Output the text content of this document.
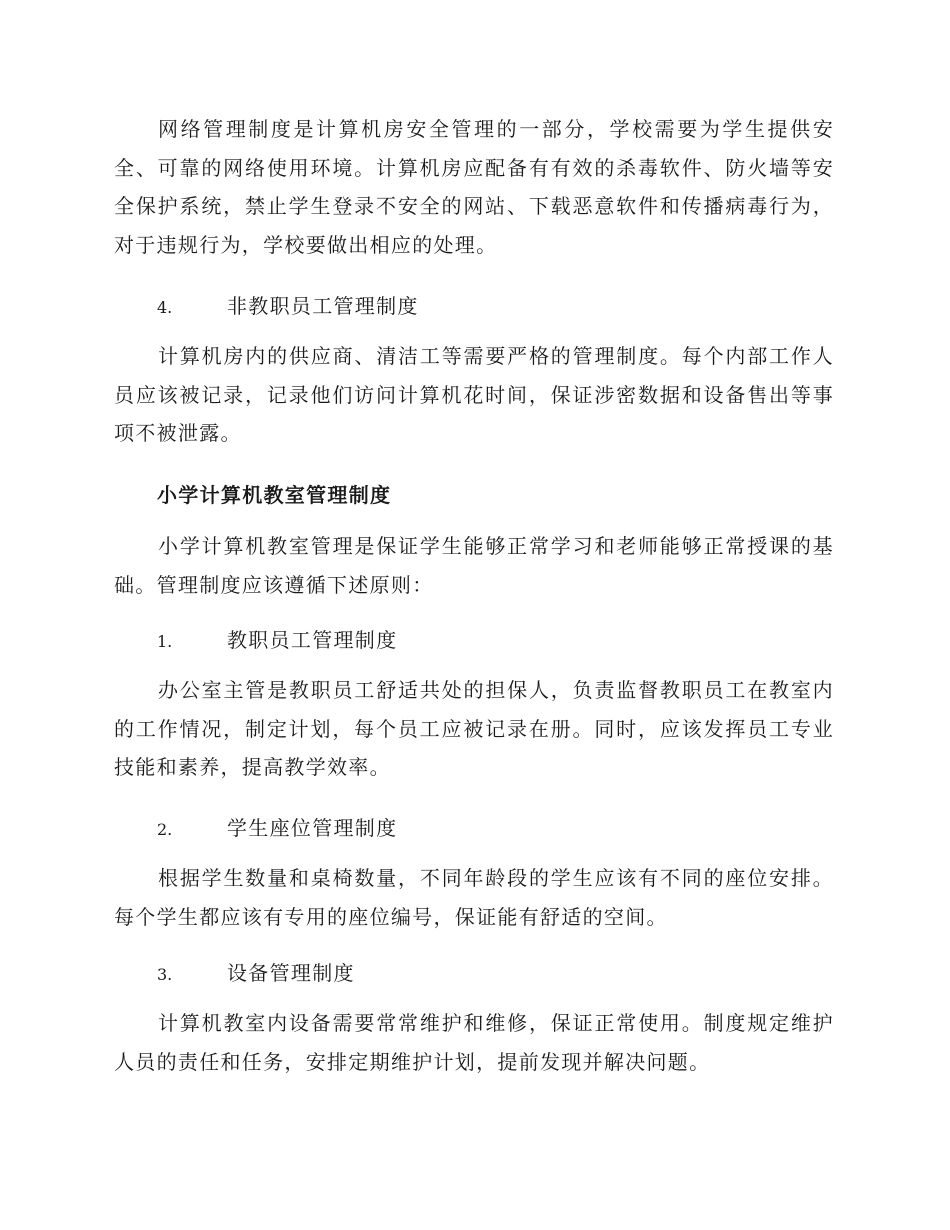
网络管理制度是计算机房安全管理的一部分，学校需要为学生提供安全、可靠的网络使用环境。计算机房应配备有有效的杀毒软件、防火墙等安全保护系统，禁止学生登录不安全的网站、下载恶意软件和传播病毒行为，对于违规行为，学校要做出相应的处理。

4.	非教职员工管理制度

计算机房内的供应商、清洁工等需要严格的管理制度。每个内部工作人员应该被记录，记录他们访问计算机花时间，保证涉密数据和设备售出等事项不被泄露。

小学计算机教室管理制度

小学计算机教室管理是保证学生能够正常学习和老师能够正常授课的基础。管理制度应该遵循下述原则：

1.	教职员工管理制度

办公室主管是教职员工舒适共处的担保人，负责监督教职员工在教室内的工作情况，制定计划，每个员工应被记录在册。同时，应该发挥员工专业技能和素养，提高教学效率。

2.	学生座位管理制度

根据学生数量和桌椅数量，不同年龄段的学生应该有不同的座位安排。每个学生都应该有专用的座位编号，保证能有舒适的空间。

3.	设备管理制度

计算机教室内设备需要常常维护和维修，保证正常使用。制度规定维护人员的责任和任务，安排定期维护计划，提前发现并解决问题。
